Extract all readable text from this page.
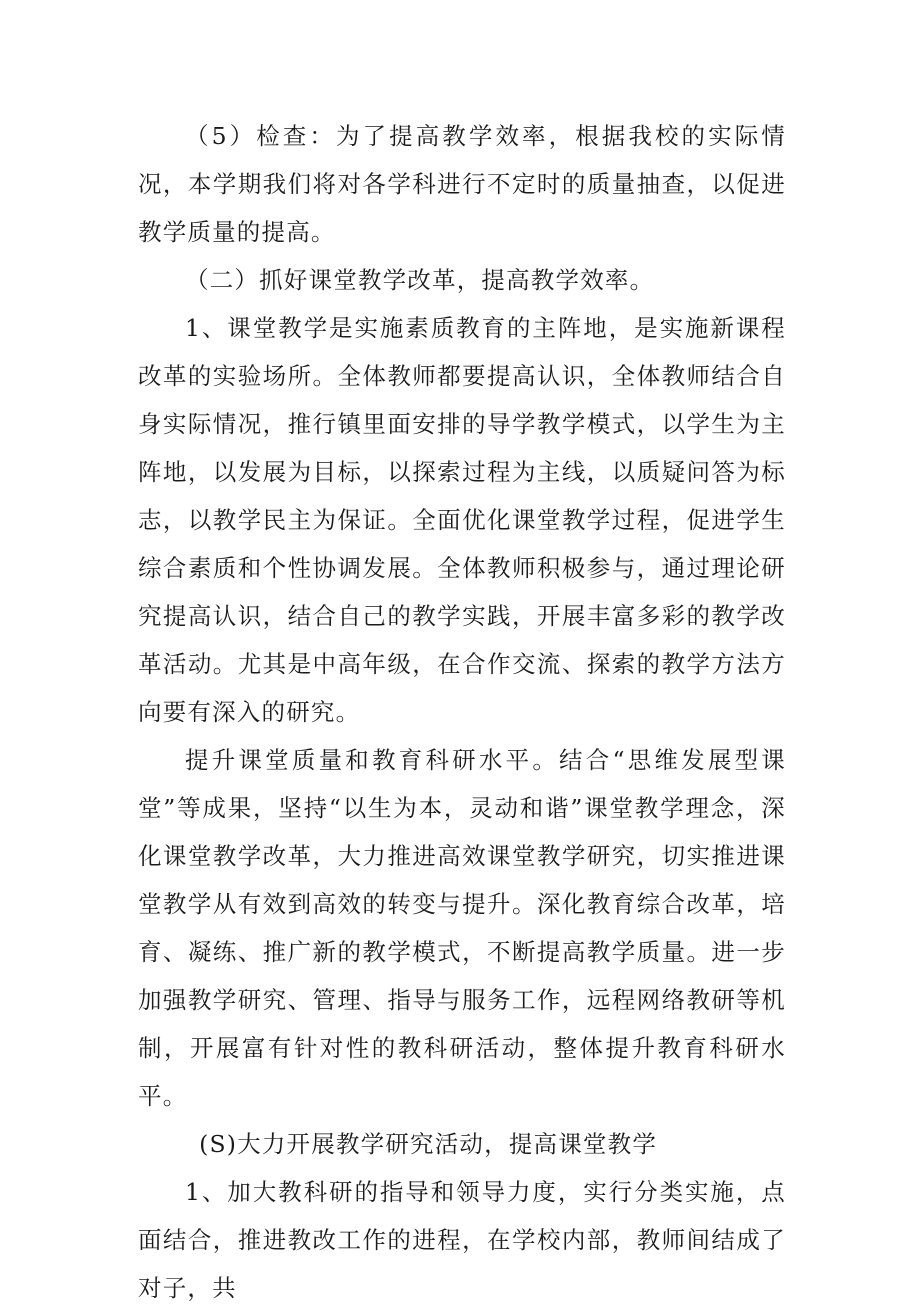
（5）检查：为了提高教学效率，根据我校的实际情况，本学期我们将对各学科进行不定时的质量抽查，以促进教学质量的提高。

（二）抓好课堂教学改革，提高教学效率。

1、课堂教学是实施素质教育的主阵地，是实施新课程改革的实验场所。全体教师都要提高认识，全体教师结合自身实际情况，推行镇里面安排的导学教学模式，以学生为主阵地，以发展为目标，以探索过程为主线，以质疑问答为标志，以教学民主为保证。全面优化课堂教学过程，促进学生综合素质和个性协调发展。全体教师积极参与，通过理论研究提高认识，结合自己的教学实践，开展丰富多彩的教学改革活动。尤其是中高年级，在合作交流、探索的教学方法方向要有深入的研究。

提升课堂质量和教育科研水平。结合“思维发展型课堂”等成果，坚持“以生为本，灵动和谐”课堂教学理念，深化课堂教学改革，大力推进高效课堂教学研究，切实推进课堂教学从有效到高效的转变与提升。深化教育综合改革，培育、凝练、推广新的教学模式，不断提高教学质量。进一步加强教学研究、管理、指导与服务工作，远程网络教研等机制，开展富有针对性的教科研活动，整体提升教育科研水平。

(S)大力开展教学研究活动，提高课堂教学

1、加大教科研的指导和领导力度，实行分类实施，点面结合，推进教改工作的进程，在学校内部，教师间结成了对子，共
